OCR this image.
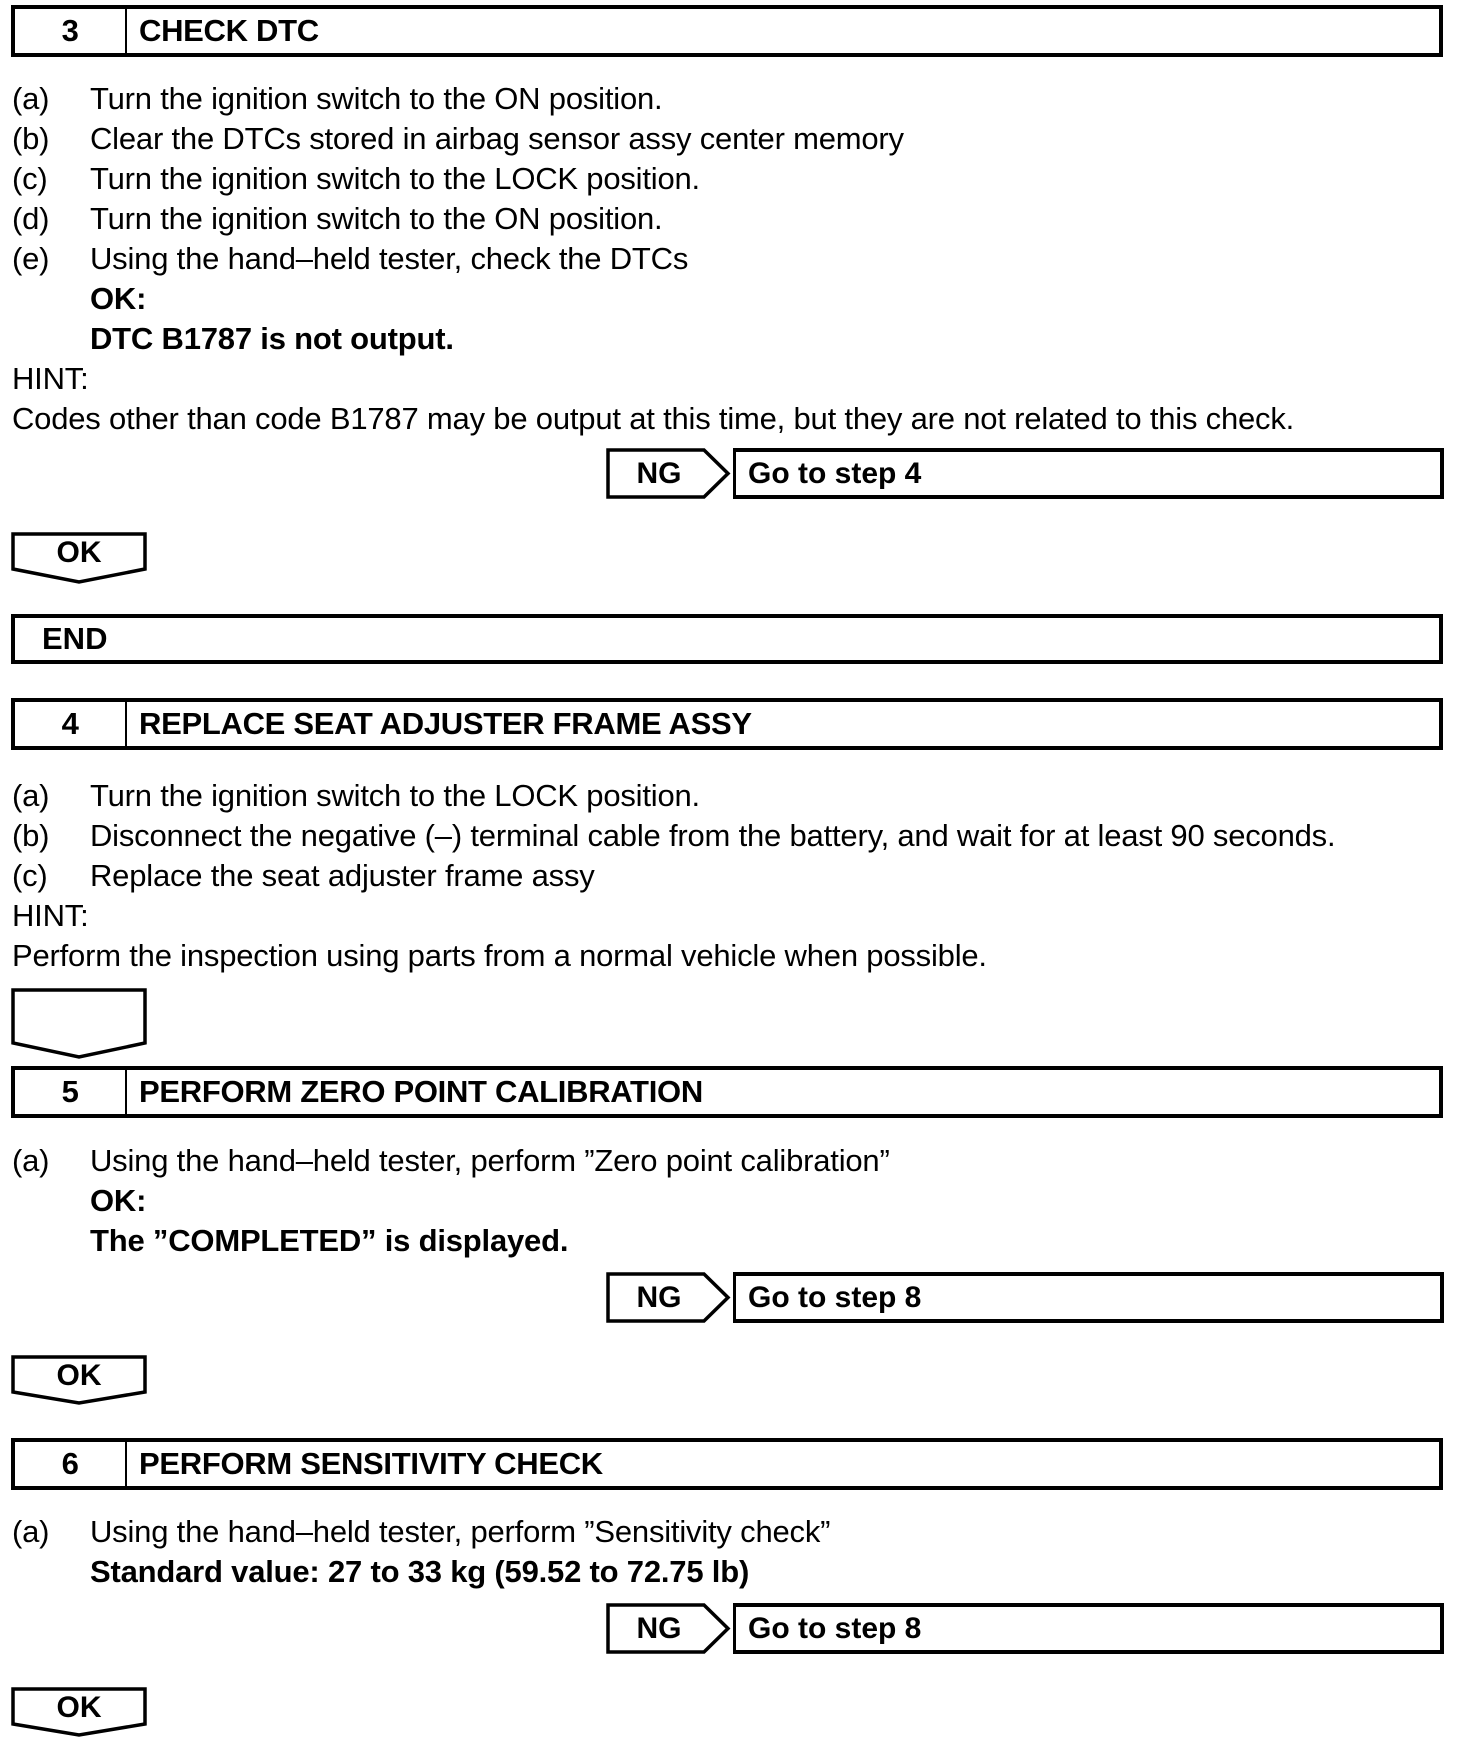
3	CHECK DTC
(a) Turn the ignition switch to the ON position.
(b) Clear the DTCs stored in airbag sensor assy center memory
(c) Turn the ignition switch to the LOCK position.
(d) Turn the ignition switch to the ON position.
(e) Using the hand–held tester, check the DTCs
OK:
DTC B1787 is not output.
HINT:
Codes other than code B1787 may be output at this time, but they are not related to this check.
NG	Go to step 4
OK
END
4	REPLACE SEAT ADJUSTER FRAME ASSY
(a) Turn the ignition switch to the LOCK position.
(b) Disconnect the negative (–) terminal cable from the battery, and wait for at least 90 seconds.
(c) Replace the seat adjuster frame assy
HINT:
Perform the inspection using parts from a normal vehicle when possible.
5	PERFORM ZERO POINT CALIBRATION
(a) Using the hand–held tester, perform ”Zero point calibration”
OK:
The ”COMPLETED” is displayed.
NG	Go to step 8
OK
6	PERFORM SENSITIVITY CHECK
(a) Using the hand–held tester, perform ”Sensitivity check”
Standard value: 27 to 33 kg (59.52 to 72.75 lb)
NG	Go to step 8
OK
